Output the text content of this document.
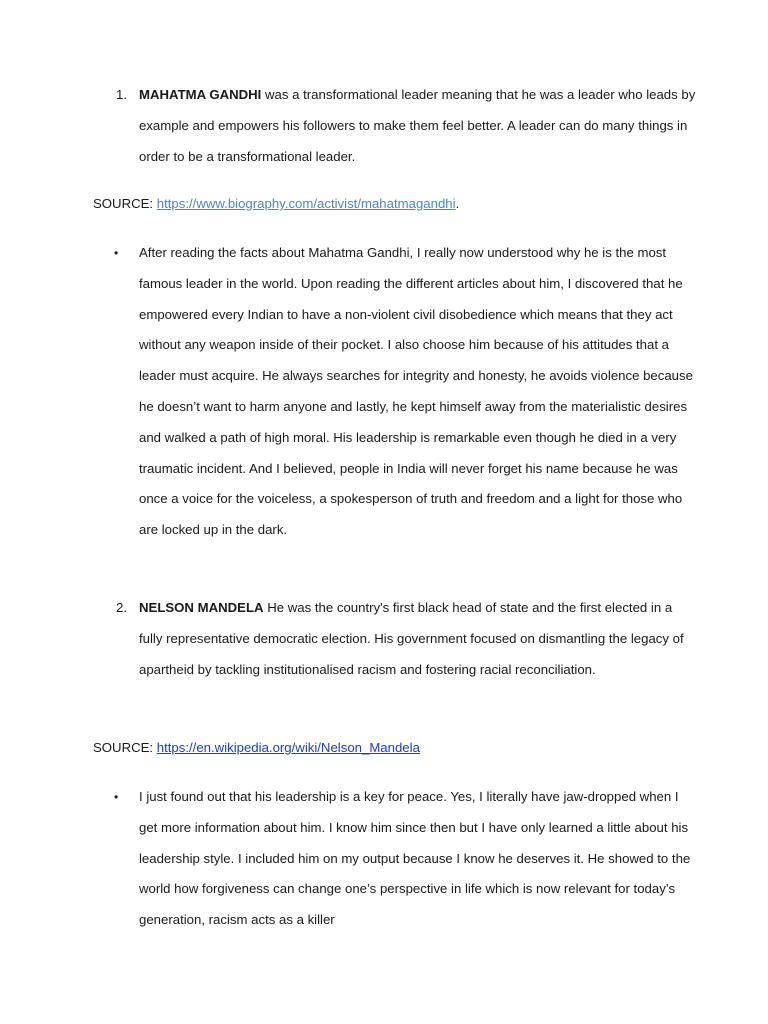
1. MAHATMA GANDHI was a transformational leader meaning that he was a leader who leads by example and empowers his followers to make them feel better. A leader can do many things in order to be a transformational leader.
SOURCE: https://www.biography.com/activist/mahatmagandhi.
• After reading the facts about Mahatma Gandhi, I really now understood why he is the most famous leader in the world. Upon reading the different articles about him, I discovered that he empowered every Indian to have a non-violent civil disobedience which means that they act without any weapon inside of their pocket. I also choose him because of his attitudes that a leader must acquire. He always searches for integrity and honesty, he avoids violence because he doesn’t want to harm anyone and lastly, he kept himself away from the materialistic desires and walked a path of high moral. His leadership is remarkable even though he died in a very traumatic incident. And I believed, people in India will never forget his name because he was once a voice for the voiceless, a spokesperson of truth and freedom and a light for those who are locked up in the dark.
2. NELSON MANDELA He was the country's first black head of state and the first elected in a fully representative democratic election. His government focused on dismantling the legacy of apartheid by tackling institutionalised racism and fostering racial reconciliation.
SOURCE: https://en.wikipedia.org/wiki/Nelson_Mandela
• I just found out that his leadership is a key for peace. Yes, I literally have jaw-dropped when I get more information about him. I know him since then but I have only learned a little about his leadership style. I included him on my output because I know he deserves it. He showed to the world how forgiveness can change one’s perspective in life which is now relevant for today’s generation, racism acts as a killer
